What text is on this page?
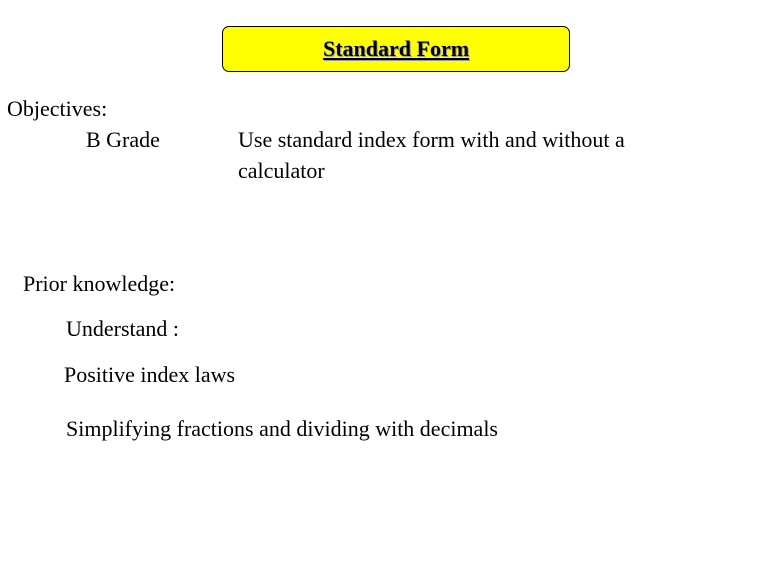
Standard Form
Objectives:
B Grade	Use standard index form with and without a calculator
Prior knowledge:
Understand :
Positive index laws
Simplifying fractions and dividing with decimals
